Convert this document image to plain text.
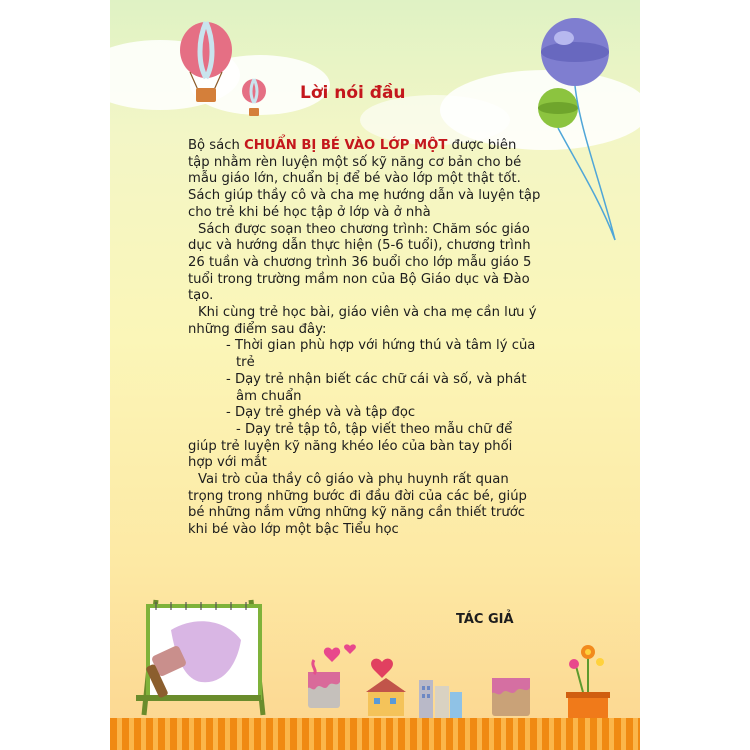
Lời nói đầu

Bộ sách CHUẨN BỊ BÉ VÀO LỚP MỘT được biên tập nhằm rèn luyện một số kỹ năng cơ bản cho bé mẫu giáo lớn, chuẩn bị để bé vào lớp một thật tốt. Sách giúp thầy cô và cha mẹ hướng dẫn và luyện tập cho trẻ khi bé học tập ở lớp và ở nhà

Sách được soạn theo chương trình: Chăm sóc giáo dục và hướng dẫn thực hiện (5-6 tuổi), chương trình 26 tuần và chương trình 36 buổi cho lớp mẫu giáo 5 tuổi trong trường mầm non của Bộ Giáo dục và Đào tạo.

Khi cùng trẻ học bài, giáo viên và cha mẹ cần lưu ý những điểm sau đây:

- Thời gian phù hợp với hứng thú và tâm lý của trẻ

- Dạy trẻ nhận biết các chữ cái và số, và phát âm chuẩn

- Dạy trẻ ghép và và tập đọc

- Dạy trẻ tập tô, tập viết theo mẫu chữ để giúp trẻ luyện kỹ năng khéo léo của bàn tay phối hợp với mắt

Vai trò của thầy cô giáo và phụ huynh rất quan trọng trong những bước đi đầu đời của các bé, giúp bé những nắm vững những kỹ năng cần thiết trước khi bé vào lớp một bậc Tiểu học

TÁC GIẢ
